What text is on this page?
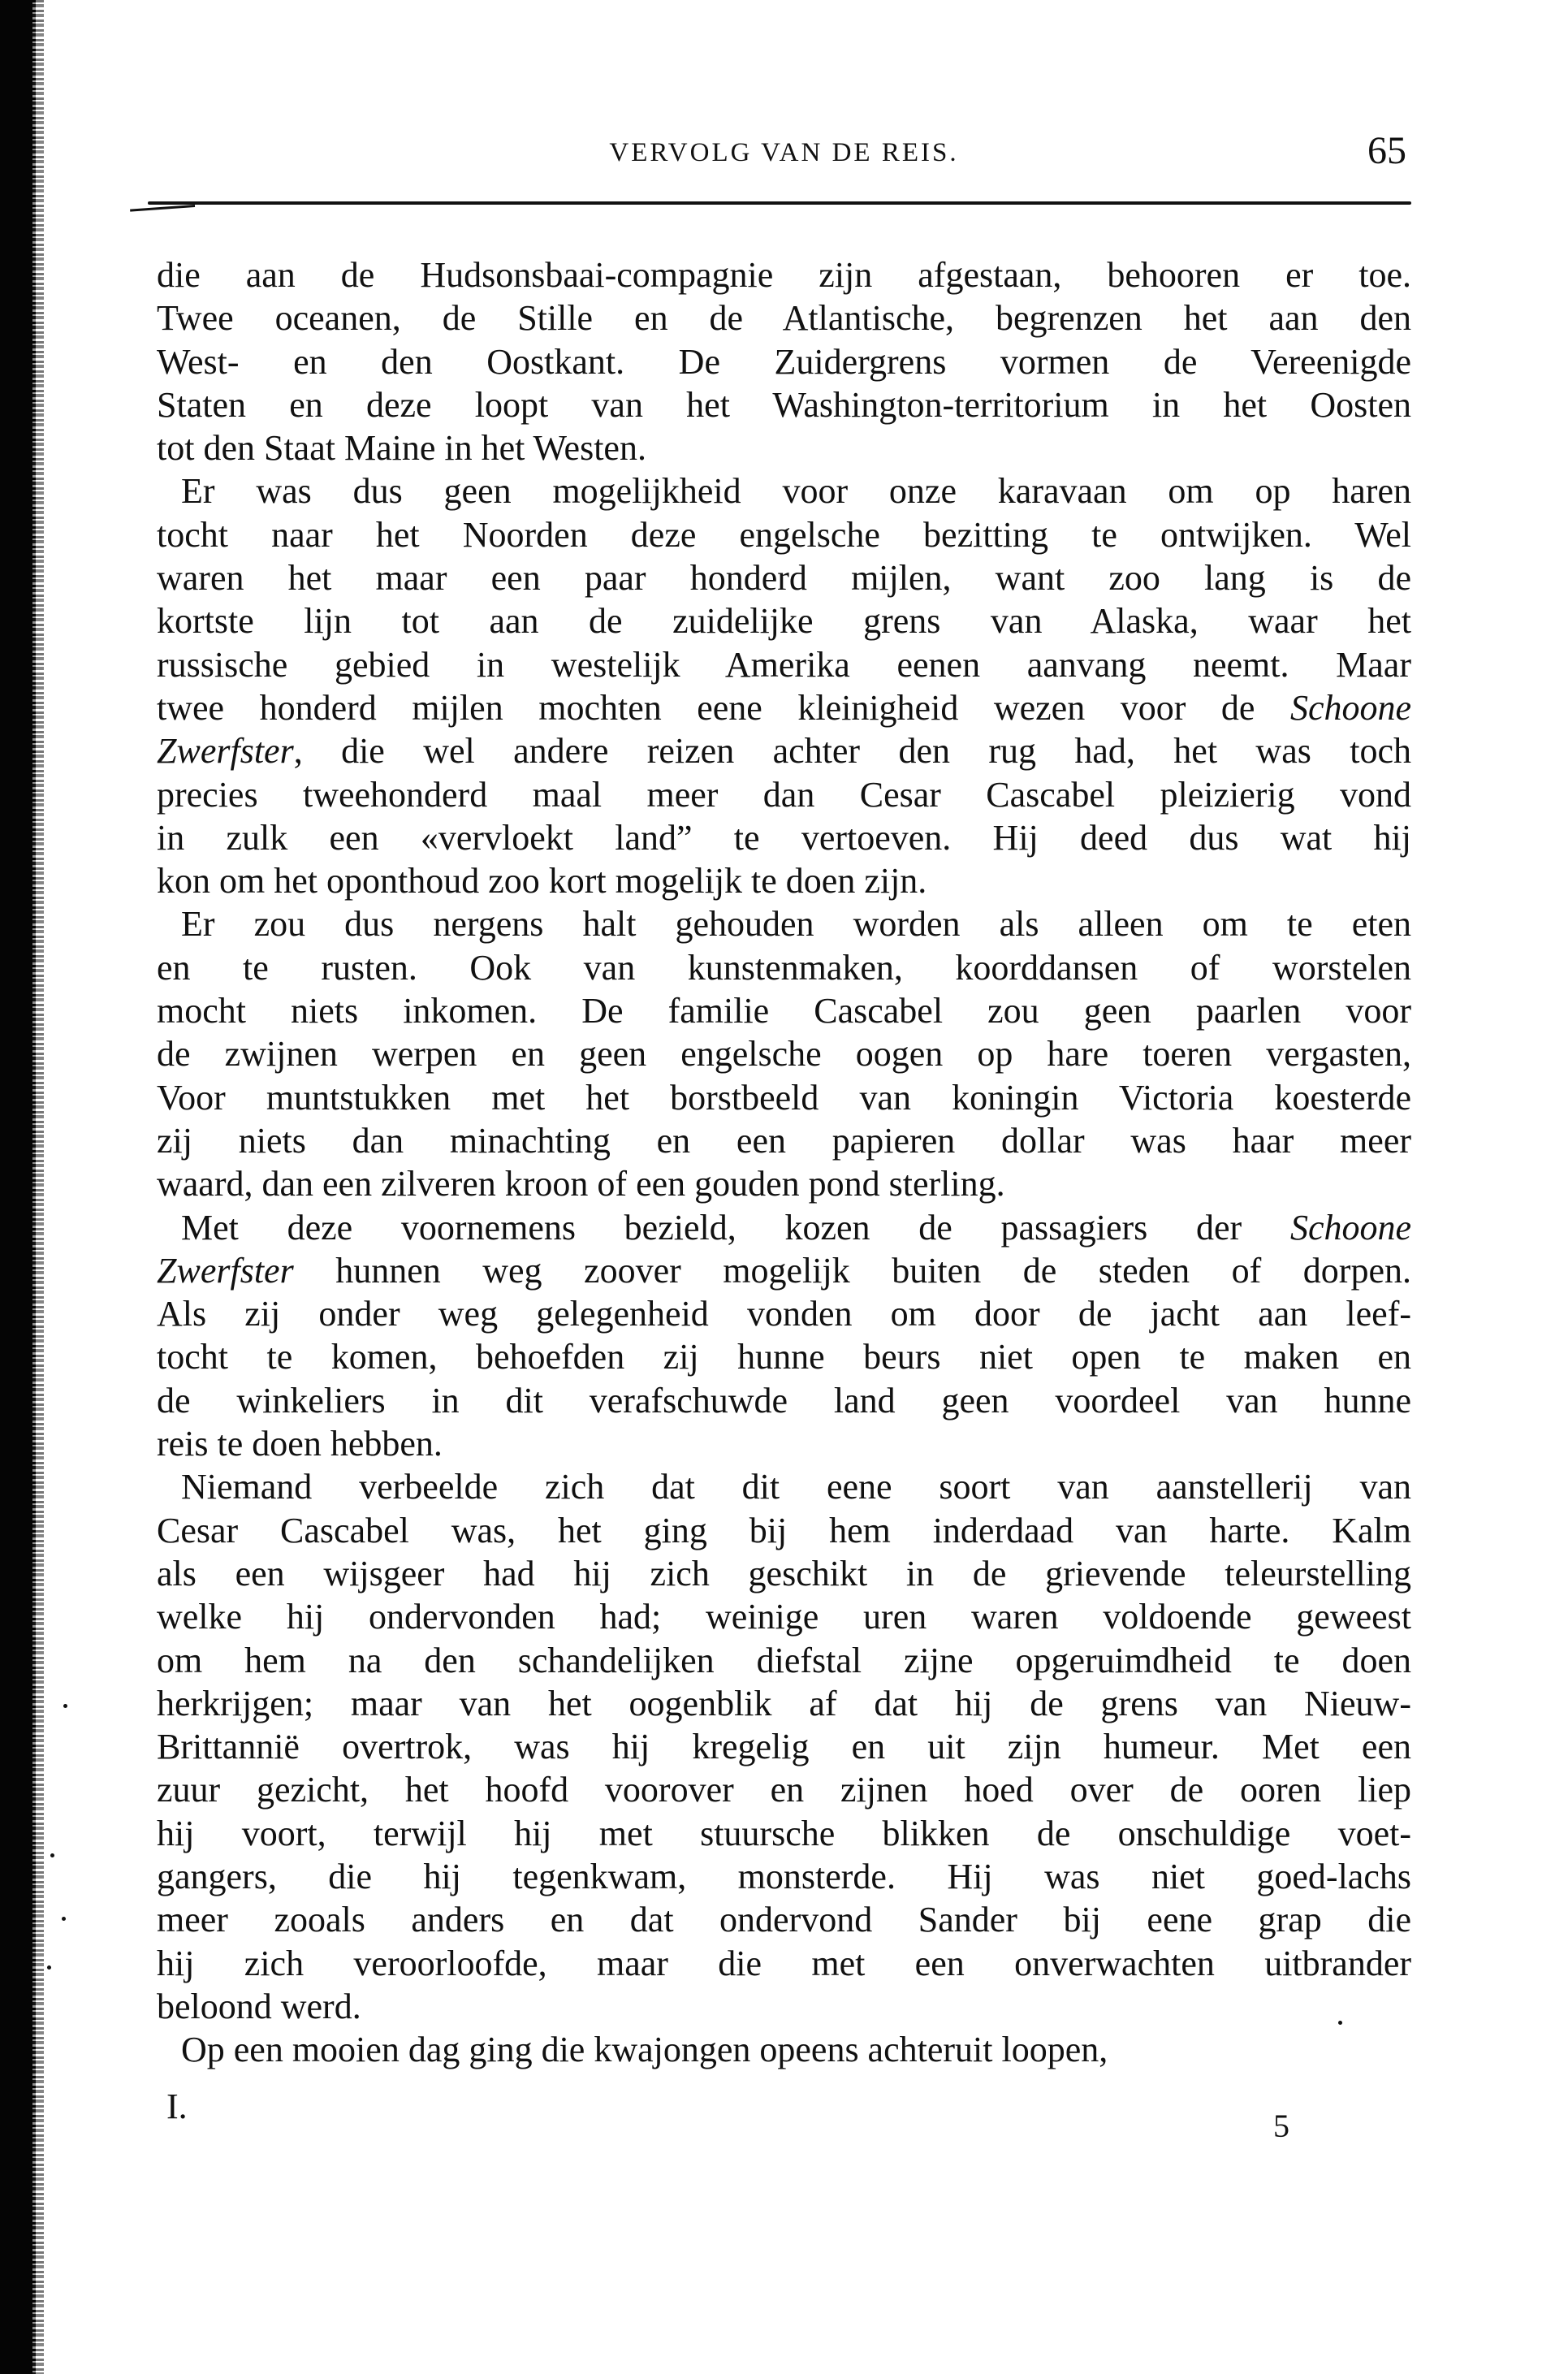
VERVOLG VAN DE REIS.	65
die aan de Hudsonsbaai-compagnie zijn afgestaan, behooren er toe.
Twee oceanen, de Stille en de Atlantische, begrenzen het aan den
West- en den Oostkant. De Zuidergrens vormen de Vereenigde
Staten en deze loopt van het Washington-territorium in het Oosten
tot den Staat Maine in het Westen.
Er was dus geen mogelijkheid voor onze karavaan om op haren
tocht naar het Noorden deze engelsche bezitting te ontwijken. Wel
waren het maar een paar honderd mijlen, want zoo lang is de
kortste lijn tot aan de zuidelijke grens van Alaska, waar het
russische gebied in westelijk Amerika eenen aanvang neemt. Maar
twee honderd mijlen mochten eene kleinigheid wezen voor de Schoone
Zwerfster, die wel andere reizen achter den rug had, het was toch
precies tweehonderd maal meer dan Cesar Cascabel pleizierig vond
in zulk een «vervloekt land” te vertoeven. Hij deed dus wat hij
kon om het oponthoud zoo kort mogelijk te doen zijn.
Er zou dus nergens halt gehouden worden als alleen om te eten
en te rusten. Ook van kunstenmaken, koorddansen of worstelen
mocht niets inkomen. De familie Cascabel zou geen paarlen voor
de zwijnen werpen en geen engelsche oogen op hare toeren vergasten,
Voor muntstukken met het borstbeeld van koningin Victoria koesterde
zij niets dan minachting en een papieren dollar was haar meer
waard, dan een zilveren kroon of een gouden pond sterling.
Met deze voornemens bezield, kozen de passagiers der Schoone
Zwerfster hunnen weg zoover mogelijk buiten de steden of dorpen.
Als zij onder weg gelegenheid vonden om door de jacht aan leef-
tocht te komen, behoefden zij hunne beurs niet open te maken en
de winkeliers in dit verafschuwde land geen voordeel van hunne
reis te doen hebben.
Niemand verbeelde zich dat dit eene soort van aanstellerij van
Cesar Cascabel was, het ging bij hem inderdaad van harte. Kalm
als een wijsgeer had hij zich geschikt in de grievende teleurstelling
welke hij ondervonden had; weinige uren waren voldoende geweest
om hem na den schandelijken diefstal zijne opgeruimdheid te doen
herkrijgen; maar van het oogenblik af dat hij de grens van Nieuw-
Brittannië overtrok, was hij kregelig en uit zijn humeur. Met een
zuur gezicht, het hoofd voorover en zijnen hoed over de ooren liep
hij voort, terwijl hij met stuursche blikken de onschuldige voet-
gangers, die hij tegenkwam, monsterde. Hij was niet goed-lachs
meer zooals anders en dat ondervond Sander bij eene grap die
hij zich veroorloofde, maar die met een onverwachten uitbrander
beloond werd.
Op een mooien dag ging die kwajongen opeens achteruit loopen,
I.	5
